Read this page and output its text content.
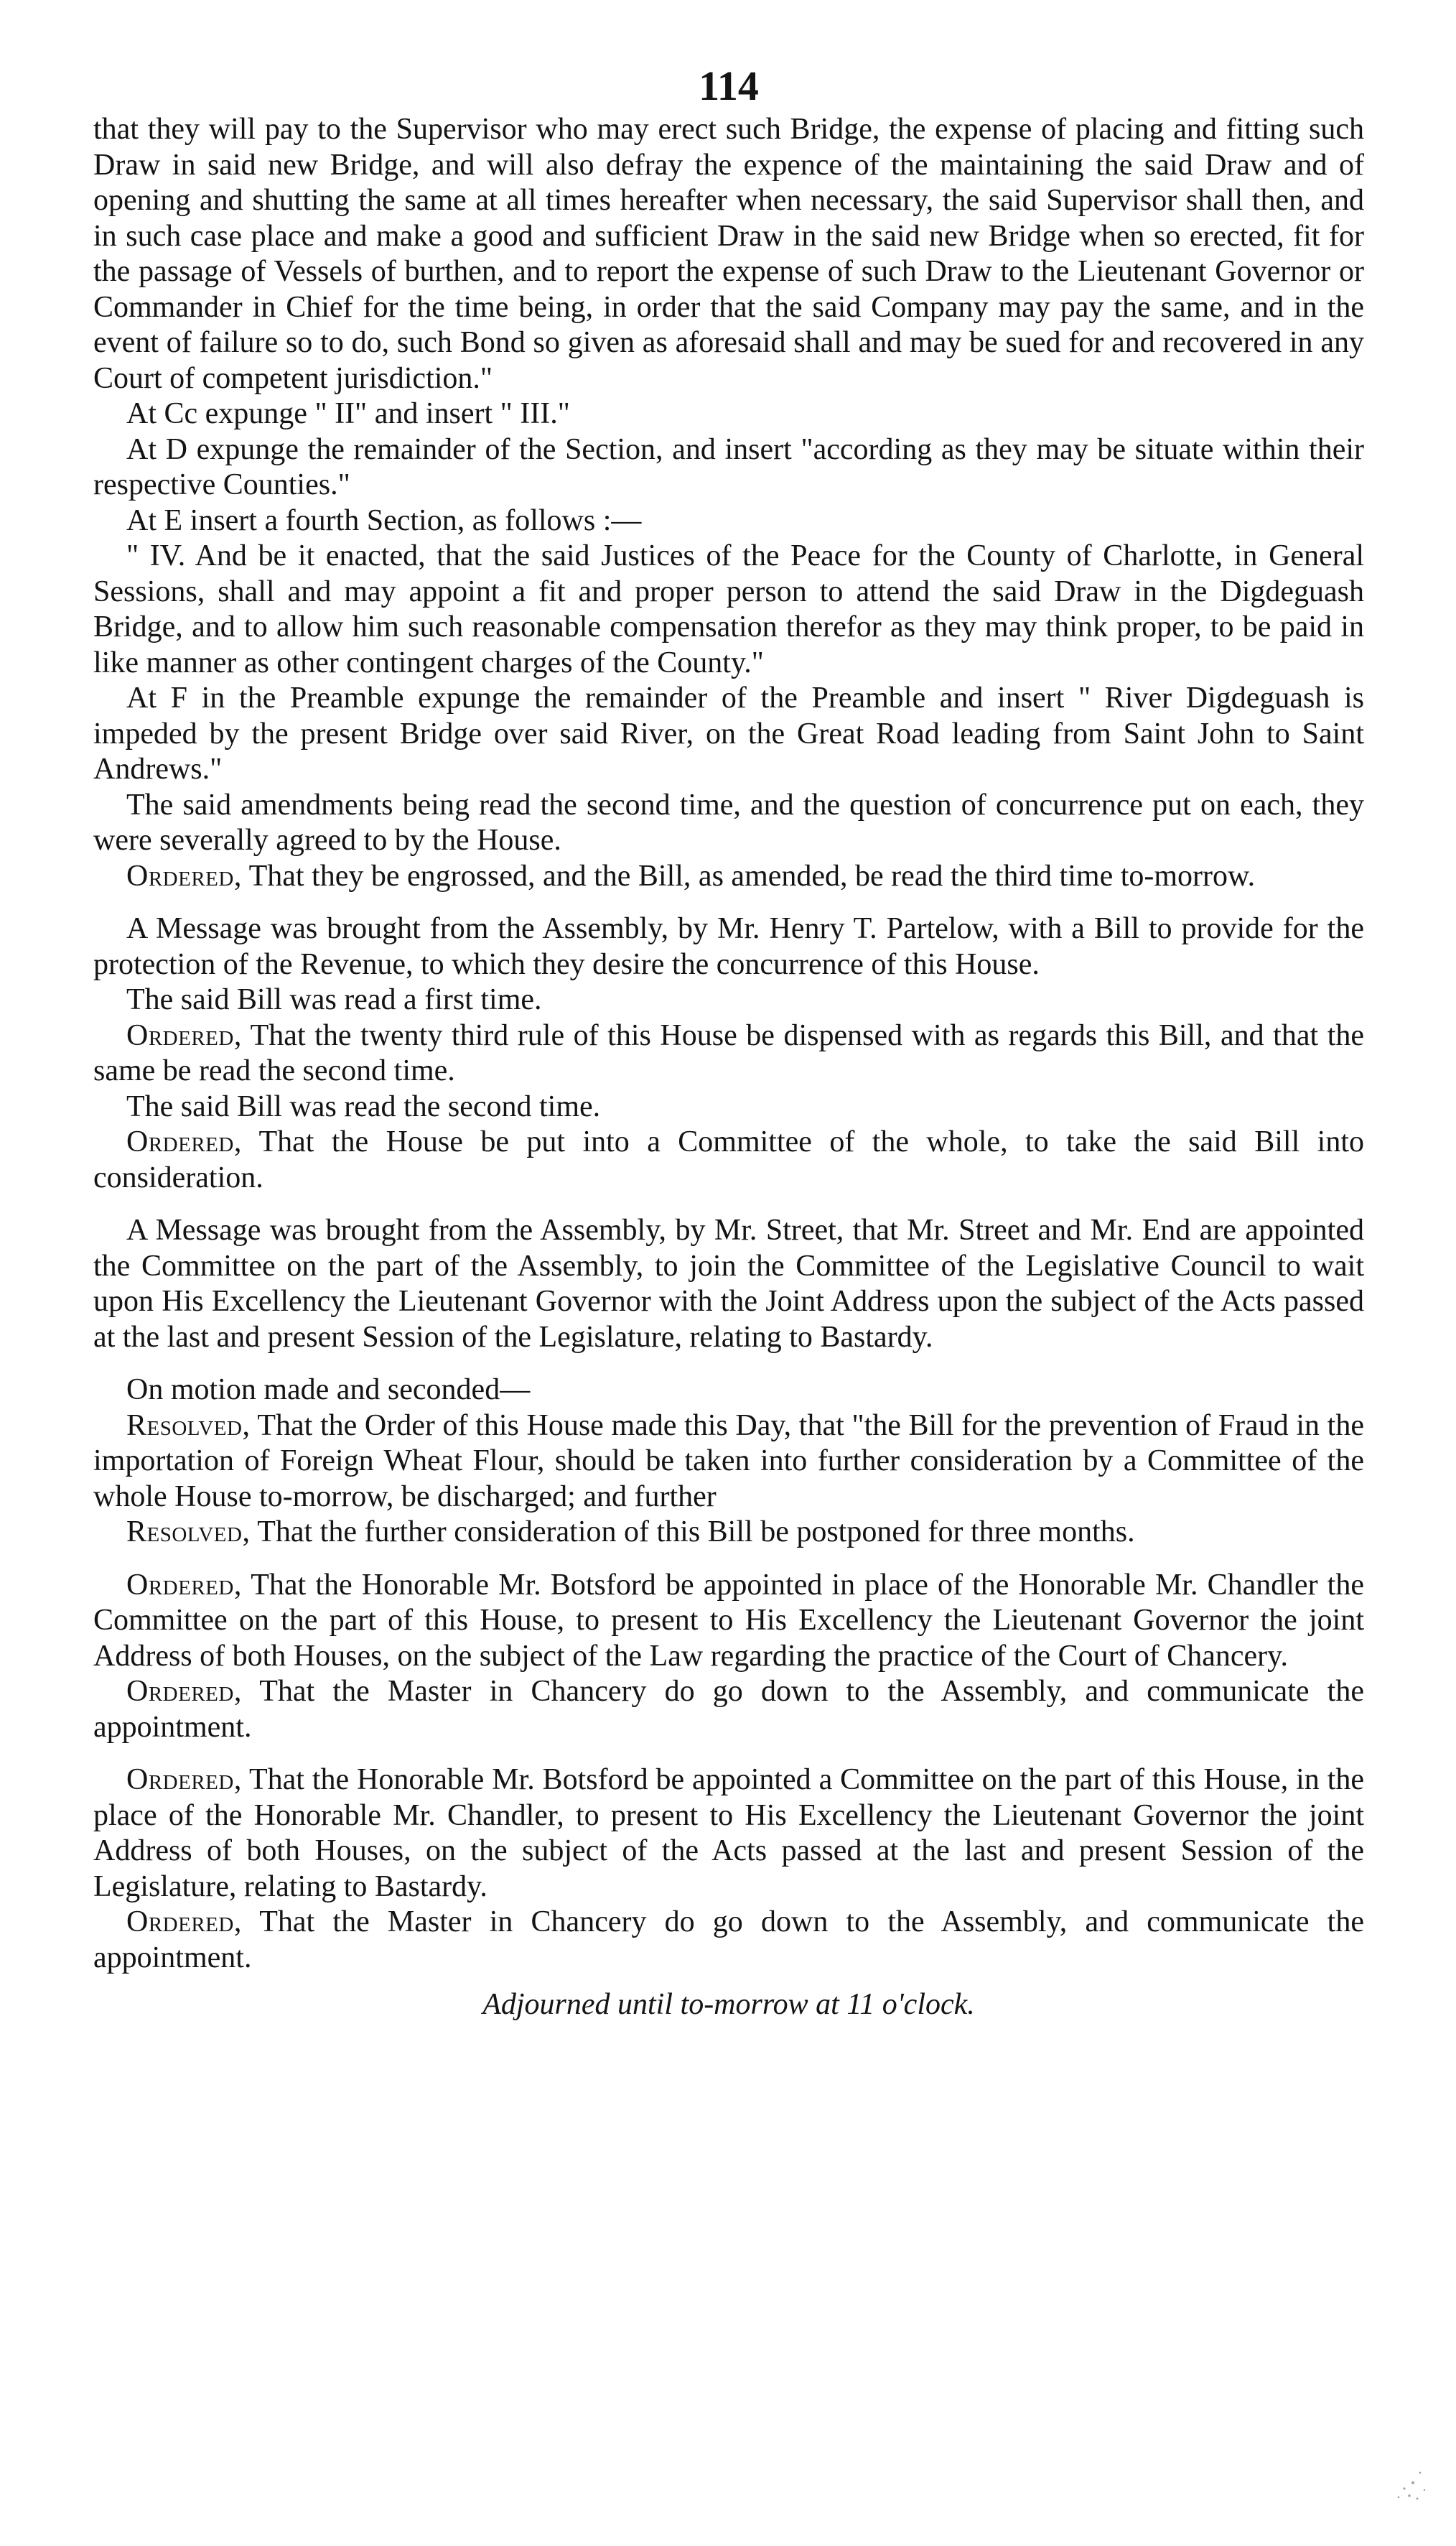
114

that they will pay to the Supervisor who may erect such Bridge, the expense of placing and fitting such Draw in said new Bridge, and will also defray the expence of the maintaining the said Draw and of opening and shutting the same at all times hereafter when necessary, the said Supervisor shall then, and in such case place and make a good and sufficient Draw in the said new Bridge when so erected, fit for the passage of Vessels of burthen, and to report the expense of such Draw to the Lieutenant Governor or Commander in Chief for the time being, in order that the said Company may pay the same, and in the event of failure so to do, such Bond so given as aforesaid shall and may be sued for and recovered in any Court of competent jurisdiction."

At Cc expunge " II" and insert " III."

At D expunge the remainder of the Section, and insert "according as they may be situate within their respective Counties."

At E insert a fourth Section, as follows :—

" IV. And be it enacted, that the said Justices of the Peace for the County of Charlotte, in General Sessions, shall and may appoint a fit and proper person to attend the said Draw in the Digdeguash Bridge, and to allow him such reasonable compensation therefor as they may think proper, to be paid in like manner as other contingent charges of the County."

At F in the Preamble expunge the remainder of the Preamble and insert " River Digdeguash is impeded by the present Bridge over said River, on the Great Road leading from Saint John to Saint Andrews."

The said amendments being read the second time, and the question of concurrence put on each, they were severally agreed to by the House.

Ordered, That they be engrossed, and the Bill, as amended, be read the third time to-morrow.

A Message was brought from the Assembly, by Mr. Henry T. Partelow, with a Bill to provide for the protection of the Revenue, to which they desire the concurrence of this House.

The said Bill was read a first time.

Ordered, That the twenty third rule of this House be dispensed with as regards this Bill, and that the same be read the second time.

The said Bill was read the second time.

Ordered, That the House be put into a Committee of the whole, to take the said Bill into consideration.

A Message was brought from the Assembly, by Mr. Street, that Mr. Street and Mr. End are appointed the Committee on the part of the Assembly, to join the Committee of the Legislative Council to wait upon His Excellency the Lieutenant Governor with the Joint Address upon the subject of the Acts passed at the last and present Session of the Legislature, relating to Bastardy.

On motion made and seconded—

Resolved, That the Order of this House made this Day, that "the Bill for the prevention of Fraud in the importation of Foreign Wheat Flour, should be taken into further consideration by a Committee of the whole House to-morrow, be discharged; and further

Resolved, That the further consideration of this Bill be postponed for three months.

Ordered, That the Honorable Mr. Botsford be appointed in place of the Honorable Mr. Chandler the Committee on the part of this House, to present to His Excellency the Lieutenant Governor the joint Address of both Houses, on the subject of the Law regarding the practice of the Court of Chancery.

Ordered, That the Master in Chancery do go down to the Assembly, and communicate the appointment.

Ordered, That the Honorable Mr. Botsford be appointed a Committee on the part of this House, in the place of the Honorable Mr. Chandler, to present to His Excellency the Lieutenant Governor the joint Address of both Houses, on the subject of the Acts passed at the last and present Session of the Legislature, relating to Bastardy.

Ordered, That the Master in Chancery do go down to the Assembly, and communicate the appointment.

Adjourned until to-morrow at 11 o'clock.
